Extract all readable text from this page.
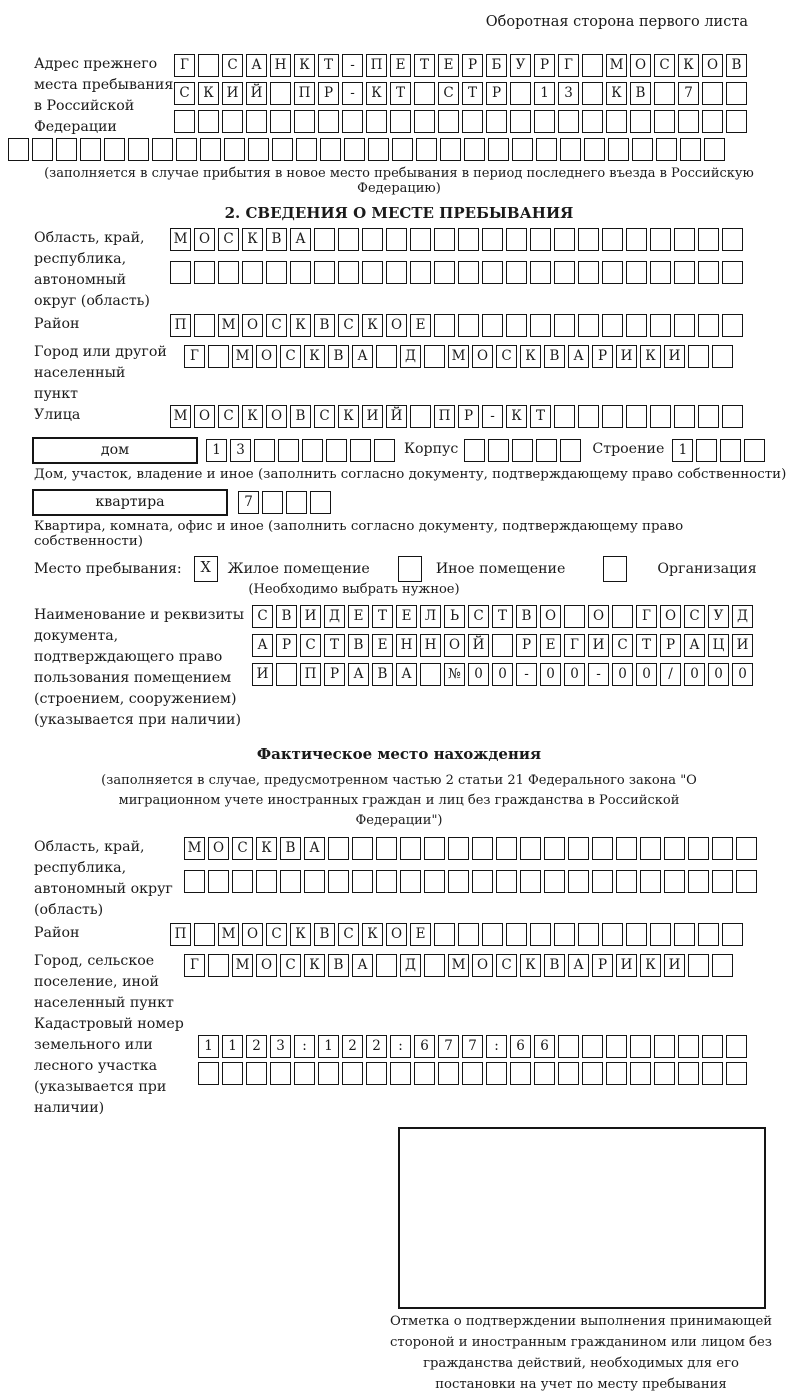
Оборотная сторона первого листа
Адрес прежнего места пребывания в Российской Федерации
Г	С	А Н К	Т	-	П Е	Т	Е	Р	Б	У	Р	Г	М О С	К О	В
С	К И Й	П	Р	-	К	Т	С	Т	Р	1	3	К	В	7
(заполняется в случае прибытия в новое место пребывания в период последнего въезда в Российскую Федерацию)
2. СВЕДЕНИЯ О МЕСТЕ ПРЕБЫВАНИЯ
Область, край, республика, автономный округ (область)
М О С	К	В	А
Район	П	М О С	К	В	С	К О	Е
Город или другой населенный пункт
Г	М О С	К	В	А	Д	М О С	К	В	А	Р	И К И
Улица	М О С	К О	В	С	К И Й	П	Р	-	К	Т
дом	1	3	Корпус	Строение	1
Дом, участок, владение и иное (заполнить согласно документу, подтверждающему право собственности)
квартира	7
Квартира, комната, офис и иное (заполнить согласно документу, подтверждающему право собственности)
Место пребывания:	X	Жилое помещение	Иное помещение	Организация
(Необходимо выбрать нужное)
Наименование и реквизиты документа, подтверждающего право пользования помещением (строением, сооружением) (указывается при наличии)
С	В И Д	Е	Т	Е Л	Ь	С	Т	В	О	О	Г	О С	У	Д
А	Р	С	Т	В	Е Н Н О Й	Р	Е	Г	И С	Т	Р	А Ц И
И	П	Р	А	В	А	№ 0	0	-	0	0	-	0	0	/	0	0	0
Фактическое место нахождения
(заполняется в случае, предусмотренном частью 2 статьи 21 Федерального закона "О миграционном учете иностранных граждан и лиц без гражданства в Российской Федерации")
Область, край, республика, автономный округ (область)
М О С	К	В	А
Район	П	М О С	К	В	С	К О	Е
Город, сельское поселение, иной населенный пункт
Г	М О С	К	В	А	Д	М О С	К	В	А	Р	И К И
Кадастровый номер земельного или лесного участка (указывается при наличии)
1	1	2	3	:	1	2	2	:	6	7	7	:	6	6
Отметка о подтверждении выполнения принимающей стороной и иностранным гражданином или лицом без гражданства действий, необходимых для его постановки на учет по месту пребывания
